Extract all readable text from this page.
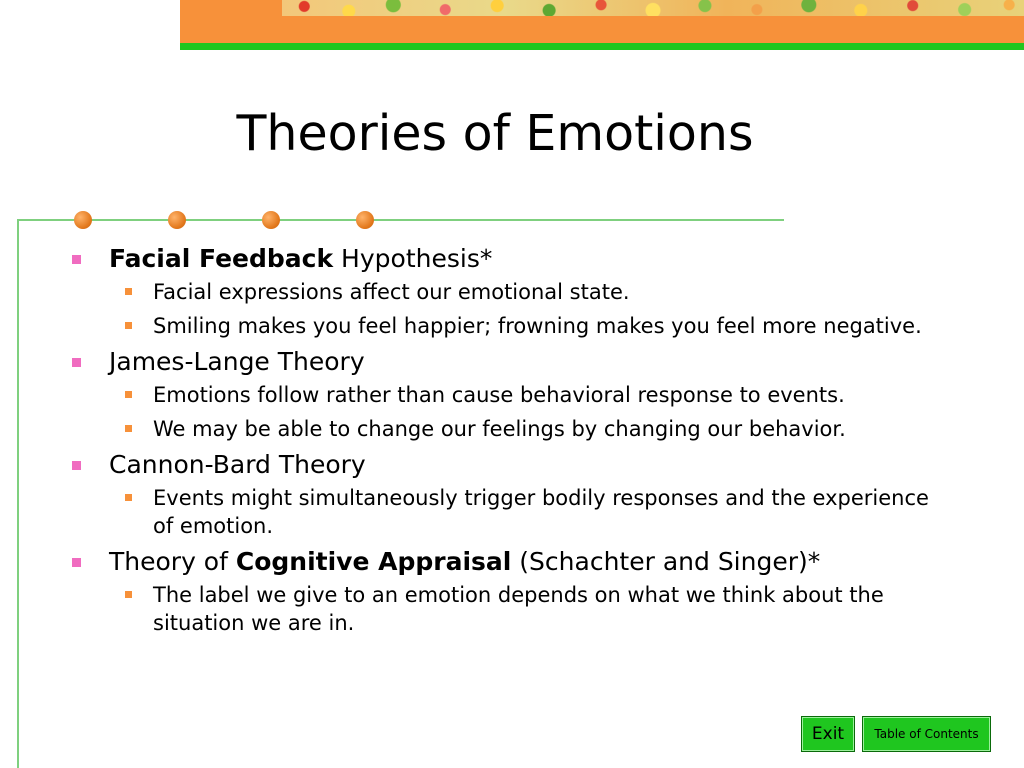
Theories of Emotions
Facial Feedback Hypothesis*
Facial expressions affect our emotional state.
Smiling makes you feel happier; frowning makes you feel more negative.
James-Lange Theory
Emotions follow rather than cause behavioral response to events.
We may be able to change our feelings by changing our behavior.
Cannon-Bard Theory
Events might simultaneously trigger bodily responses and the experience of emotion.
Theory of Cognitive Appraisal (Schachter and Singer)*
The label we give to an emotion depends on what we think about the situation we are in.
Exit	Table of Contents
